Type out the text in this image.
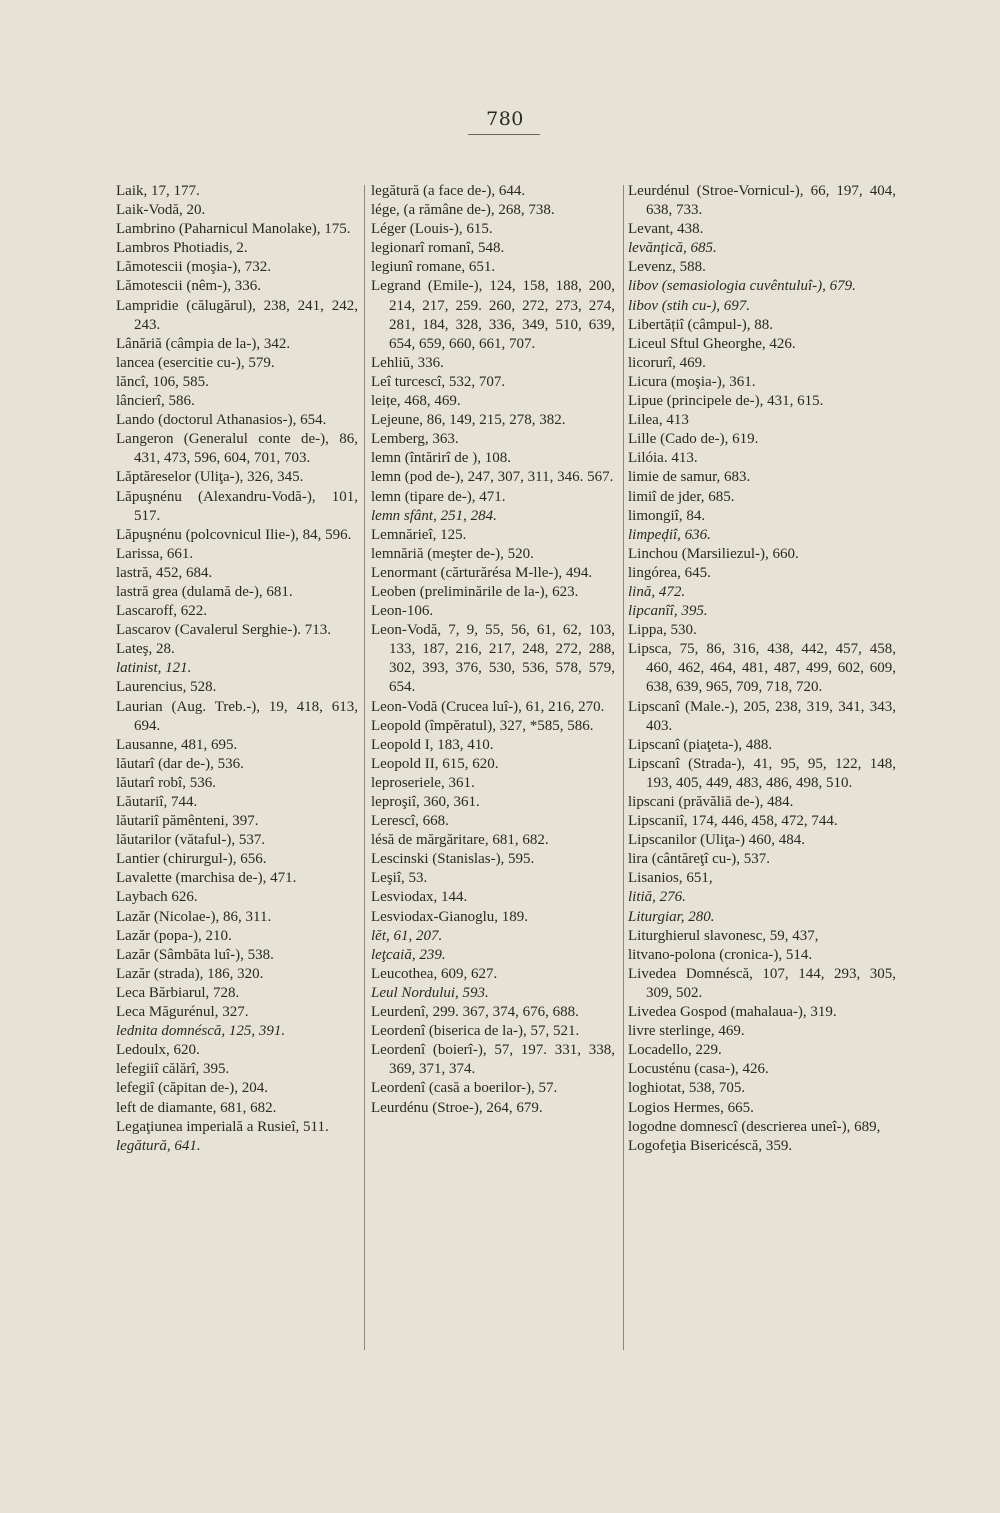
780
Laik, 17, 177.
Laik-Vodă, 20.
Lambrino (Paharnicul Manolake), 175.
Lambros Photiadis, 2.
Lămotescii (moşia-), 732.
Lămotescii (nêm-), 336.
Lampridie (călugărul), 238, 241, 242, 243.
Lânăriă (câmpia de la-), 342.
lancea (esercitie cu-), 579.
lăncî, 106, 585.
lâncierî, 586.
Lando (doctorul Athanasios-), 654.
Langeron (Generalul conte de-), 86, 431, 473, 596, 604, 701, 703.
Lăptăreselor (Uliţa-), 326, 345.
Lăpuşnénu (Alexandru-Vodă-), 101, 517.
Lăpuşnénu (polcovnicul Ilie-), 84, 596.
Larissa, 661.
lastră, 452, 684.
lastră grea (dulamă de-), 681.
Lascaroff, 622.
Lascarov (Cavalerul Serghie-). 713.
Lateş, 28.
latinist, 121.
Laurencius, 528.
Laurian (Aug. Treb.-), 19, 418, 613, 694.
Lausanne, 481, 695.
lăutarî (dar de-), 536.
lăutarî robî, 536.
Lăutariî, 744.
lăutariî pămênteni, 397.
lăutarilor (vătaful-), 537.
Lantier (chirurgul-), 656.
Lavalette (marchisa de-), 471.
Laybach 626.
Lazăr (Nicolae-), 86, 311.
Lazăr (popa-), 210.
Lazăr (Sâmbăta luî-), 538.
Lazăr (strada), 186, 320.
Leca Bărbiarul, 728.
Leca Măgurénul, 327.
lednita domnéscă, 125, 391.
Ledoulx, 620.
lefegiiî călărî, 395.
lefegiî (căpitan de-), 204.
left de diamante, 681, 682.
Legaţiunea imperială a Rusieî, 511.
legătură, 641.
legătură (a face de-), 644.
lége, (a rămâne de-), 268, 738.
Léger (Louis-), 615.
legionarî romanî, 548.
legiunî romane, 651.
Legrand (Emile-), 124, 158, 188, 200, 214, 217, 259. 260, 272, 273, 274, 281, 184, 328, 336, 349, 510, 639, 654, 659, 660, 661, 707.
Lehliŭ, 336.
Leî turcescî, 532, 707.
leițe, 468, 469.
Lejeune, 86, 149, 215, 278, 382.
Lemberg, 363.
lemn (întărirî de ), 108.
lemn (pod de-), 247, 307, 311, 346. 567.
lemn (tipare de-), 471.
lemn sfânt, 251, 284.
Lemnărieî, 125.
lemnăriă (meşter de-), 520.
Lenormant (cărturărésa M-lle-), 494.
Leoben (preliminările de la-), 623.
Leon-106.
Leon-Vodă, 7, 9, 55, 56, 61, 62, 103, 133, 187, 216, 217, 248, 272, 288, 302, 393, 376, 530, 536, 578, 579, 654.
Leon-Vodă (Crucea luî-), 61, 216, 270.
Leopold (împĕratul), 327, *585, 586.
Leopold I, 183, 410.
Leopold II, 615, 620.
leproseriele, 361.
leproşiî, 360, 361.
Lerescî, 668.
lésă de mărgăritare, 681, 682.
Lescinski (Stanislas-), 595.
Leşiî, 53.
Lesviodax, 144.
Lesviodax-Gianoglu, 189.
lĕt, 61, 207.
leţcaiă, 239.
Leucothea, 609, 627.
Leul Nordului, 593.
Leurdenî, 299. 367, 374, 676, 688.
Leordenî (biserica de la-), 57, 521.
Leordenî (boierî-), 57, 197. 331, 338, 369, 371, 374.
Leordenî (casă a boerilor-), 57.
Leurdénu (Stroe-), 264, 679.
Leurdénul (Stroe-Vornicul-), 66, 197, 404, 638, 733.
Levant, 438.
levănţică, 685.
Levenz, 588.
libov (semasiologia cuvêntuluî-), 679.
libov (stih cu-), 697.
Libertățiî (câmpul-), 88.
Liceul Sftul Gheorghe, 426.
licorurî, 469.
Licura (moşia-), 361.
Lipue (principele de-), 431, 615.
Lilea, 413
Lille (Cado de-), 619.
Lilóia. 413.
limie de samur, 683.
limiî de jder, 685.
limongiî, 84.
limpeḑiî, 636.
Linchou (Marsiliezul-), 660.
lingórea, 645.
lină, 472.
lipcanîî, 395.
Lippa, 530.
Lipsca, 75, 86, 316, 438, 442, 457, 458, 460, 462, 464, 481, 487, 499, 602, 609, 638, 639, 965, 709, 718, 720.
Lipscanî (Male.-), 205, 238, 319, 341, 343, 403.
Lipscanî (piaţeta-), 488.
Lipscanî (Strada-), 41, 95, 95, 122, 148, 193, 405, 449, 483, 486, 498, 510.
lipscani (prăvăliă de-), 484.
Lipscaniî, 174, 446, 458, 472, 744.
Lipscanilor (Uliţa-) 460, 484.
lira (cântăreţî cu-), 537.
Lisanios, 651,
litiă, 276.
Liturgiar, 280.
Liturghierul slavonesc, 59, 437,
litvano-polona (cronica-), 514.
Livedea Domnéscă, 107, 144, 293, 305, 309, 502.
Livedea Gospod (mahalaua-), 319.
livre sterlinge, 469.
Locadello, 229.
Locusténu (casa-), 426.
loghiotat, 538, 705.
Logios Hermes, 665.
logodne domnescî (descrierea uneî-), 689,
Logofeţia Bisericéscă, 359.
